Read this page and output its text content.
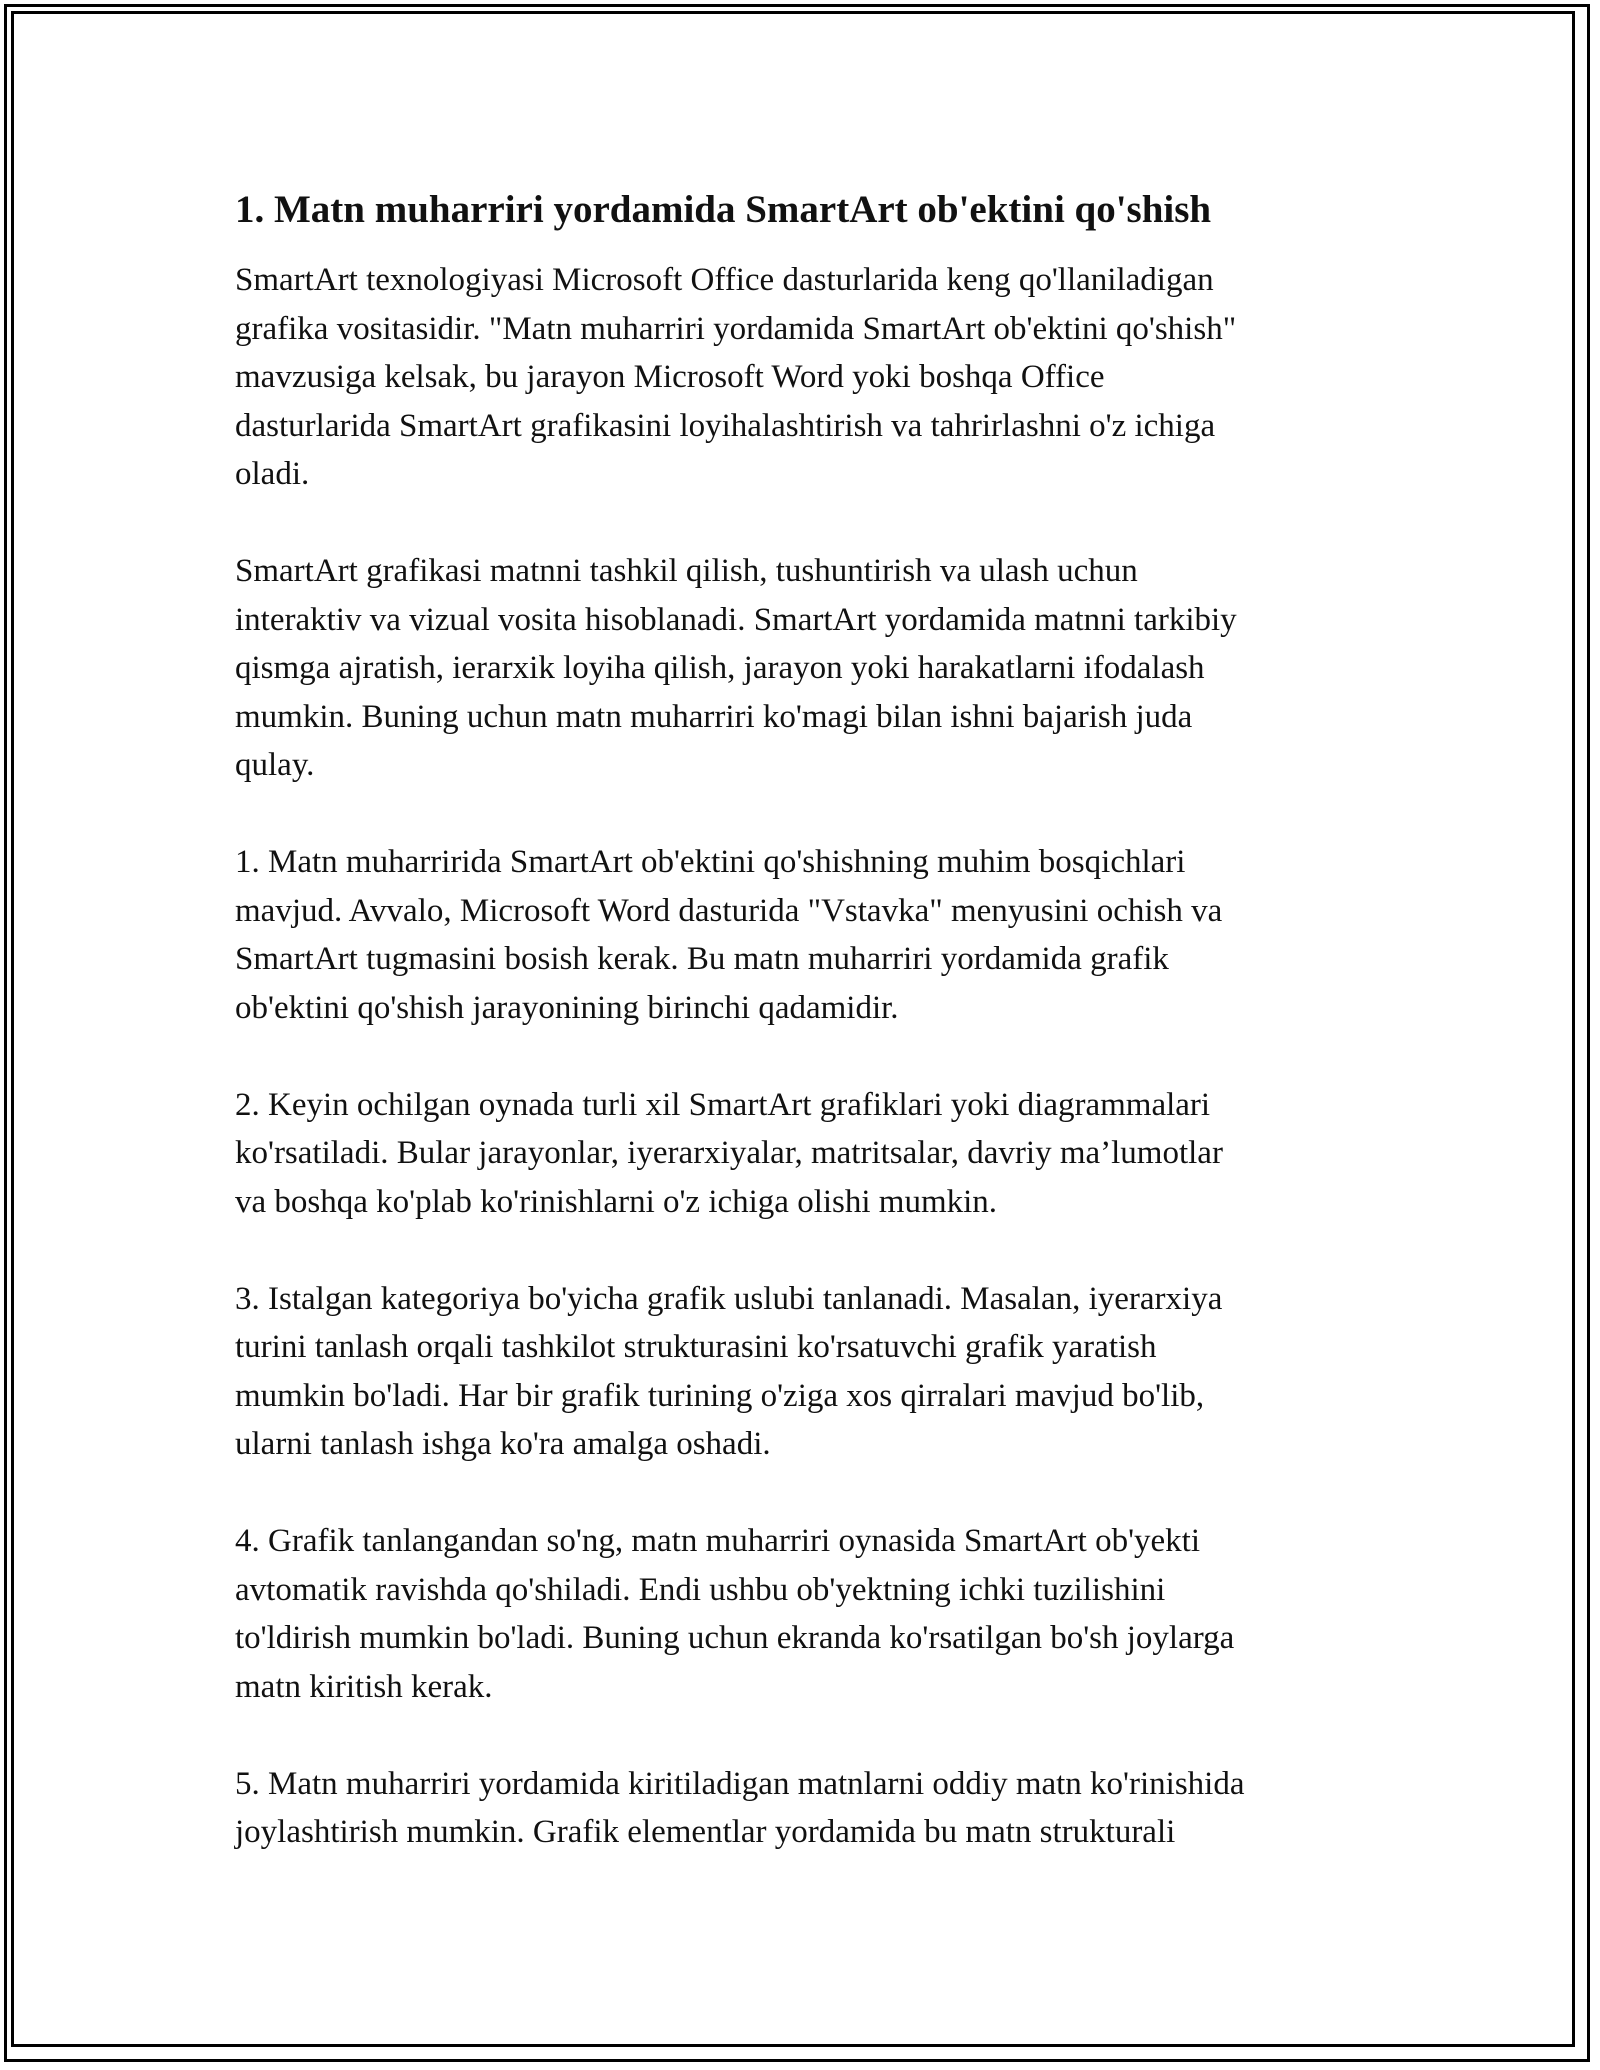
1. Matn muharriri yordamida SmartArt ob'ektini qo'shish

SmartArt texnologiyasi Microsoft Office dasturlarida keng qo'llaniladigan
grafika vositasidir. "Matn muharriri yordamida SmartArt ob'ektini qo'shish"
mavzusiga kelsak, bu jarayon Microsoft Word yoki boshqa Office
dasturlarida SmartArt grafikasini loyihalashtirish va tahrirlashni o'z ichiga
oladi.

SmartArt grafikasi matnni tashkil qilish, tushuntirish va ulash uchun
interaktiv va vizual vosita hisoblanadi. SmartArt yordamida matnni tarkibiy
qismga ajratish, ierarxik loyiha qilish, jarayon yoki harakatlarni ifodalash
mumkin. Buning uchun matn muharriri ko'magi bilan ishni bajarish juda
qulay.

1. Matn muharririda SmartArt ob'ektini qo'shishning muhim bosqichlari
mavjud. Avvalo, Microsoft Word dasturida "Vstavka" menyusini ochish va
SmartArt tugmasini bosish kerak. Bu matn muharriri yordamida grafik
ob'ektini qo'shish jarayonining birinchi qadamidir.

2. Keyin ochilgan oynada turli xil SmartArt grafiklari yoki diagrammalari
ko'rsatiladi. Bular jarayonlar, iyerarxiyalar, matritsalar, davriy ma’lumotlar
va boshqa ko'plab ko'rinishlarni o'z ichiga olishi mumkin.

3. Istalgan kategoriya bo'yicha grafik uslubi tanlanadi. Masalan, iyerarxiya
turini tanlash orqali tashkilot strukturasini ko'rsatuvchi grafik yaratish
mumkin bo'ladi. Har bir grafik turining o'ziga xos qirralari mavjud bo'lib,
ularni tanlash ishga ko'ra amalga oshadi.

4. Grafik tanlangandan so'ng, matn muharriri oynasida SmartArt ob'yekti
avtomatik ravishda qo'shiladi. Endi ushbu ob'yektning ichki tuzilishini
to'ldirish mumkin bo'ladi. Buning uchun ekranda ko'rsatilgan bo'sh joylarga
matn kiritish kerak.

5. Matn muharriri yordamida kiritiladigan matnlarni oddiy matn ko'rinishida
joylashtirish mumkin. Grafik elementlar yordamida bu matn strukturali
